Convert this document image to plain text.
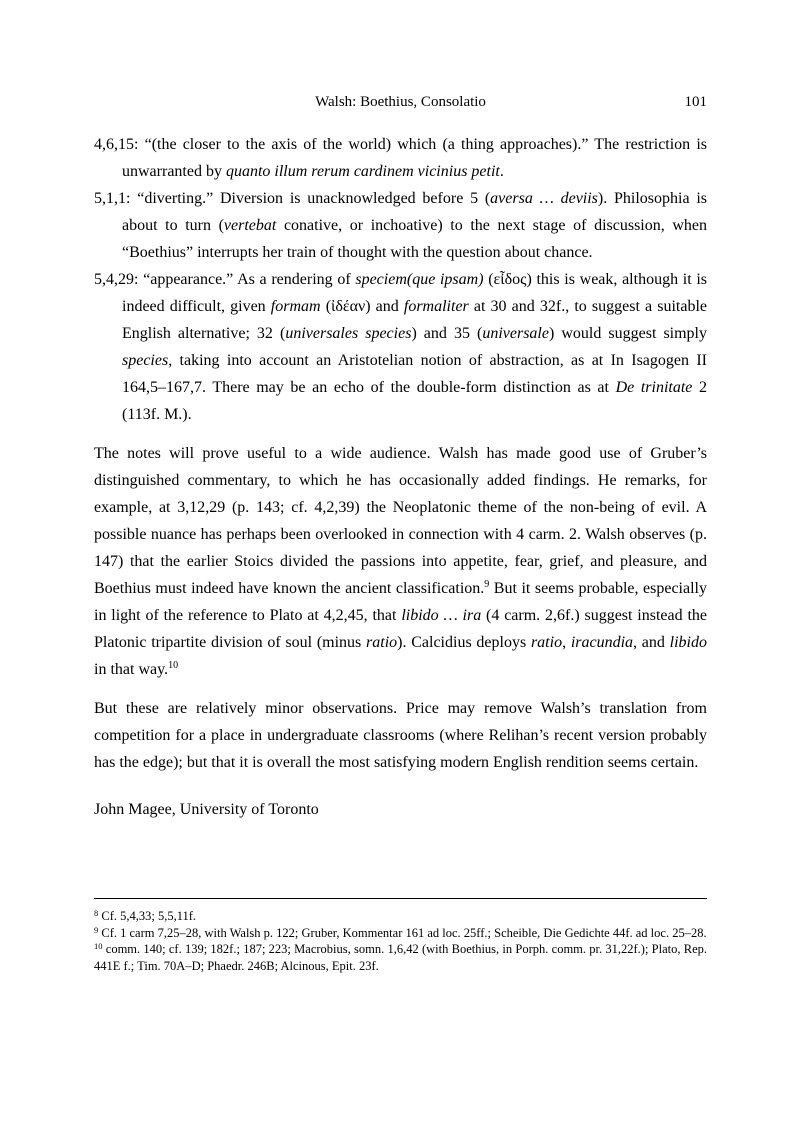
Walsh: Boethius, Consolatio	101

4,6,15: “(the closer to the axis of the world) which (a thing approaches).” The restriction is unwarranted by quanto illum rerum cardinem vicinius petit.

5,1,1: “diverting.” Diversion is unacknowledged before 5 (aversa … deviis). Philosophia is about to turn (vertebat conative, or inchoative) to the next stage of discussion, when “Boethius” interrupts her train of thought with the question about chance.

5,4,29: “appearance.” As a rendering of speciem(que ipsam) (εἶδος) this is weak, although it is indeed difficult, given formam (ἰδέαν) and formaliter at 30 and 32f., to suggest a suitable English alternative; 32 (universales species) and 35 (universale) would suggest simply species, taking into account an Aristotelian notion of abstraction, as at In Isagogen II 164,5–167,7. There may be an echo of the double-form distinction as at De trinitate 2 (113f. M.).

The notes will prove useful to a wide audience. Walsh has made good use of Gruber’s distinguished commentary, to which he has occasionally added findings. He remarks, for example, at 3,12,29 (p. 143; cf. 4,2,39) the Neoplatonic theme of the non-being of evil. A possible nuance has perhaps been overlooked in connection with 4 carm. 2. Walsh observes (p. 147) that the earlier Stoics divided the passions into appetite, fear, grief, and pleasure, and Boethius must indeed have known the ancient classification.$^9$ But it seems probable, especially in light of the reference to Plato at 4,2,45, that libido … ira (4 carm. 2,6f.) suggest instead the Platonic tripartite division of soul (minus ratio). Calcidius deploys ratio, iracundia, and libido in that way.$^{10}$

But these are relatively minor observations. Price may remove Walsh’s translation from competition for a place in undergraduate classrooms (where Relihan’s recent version probably has the edge); but that it is overall the most satisfying modern English rendition seems certain.

John Magee, University of Toronto

$^8$ Cf. 5,4,33; 5,5,11f.

$^9$ Cf. 1 carm 7,25–28, with Walsh p. 122; Gruber, Kommentar 161 ad loc. 25ff.; Scheible, Die Gedichte 44f. ad loc. 25–28.

$^{10}$ comm. 140; cf. 139; 182f.; 187; 223; Macrobius, somn. 1,6,42 (with Boethius, in Porph. comm. pr. 31,22f.); Plato, Rep. 441E f.; Tim. 70A–D; Phaedr. 246B; Alcinous, Epit. 23f.
